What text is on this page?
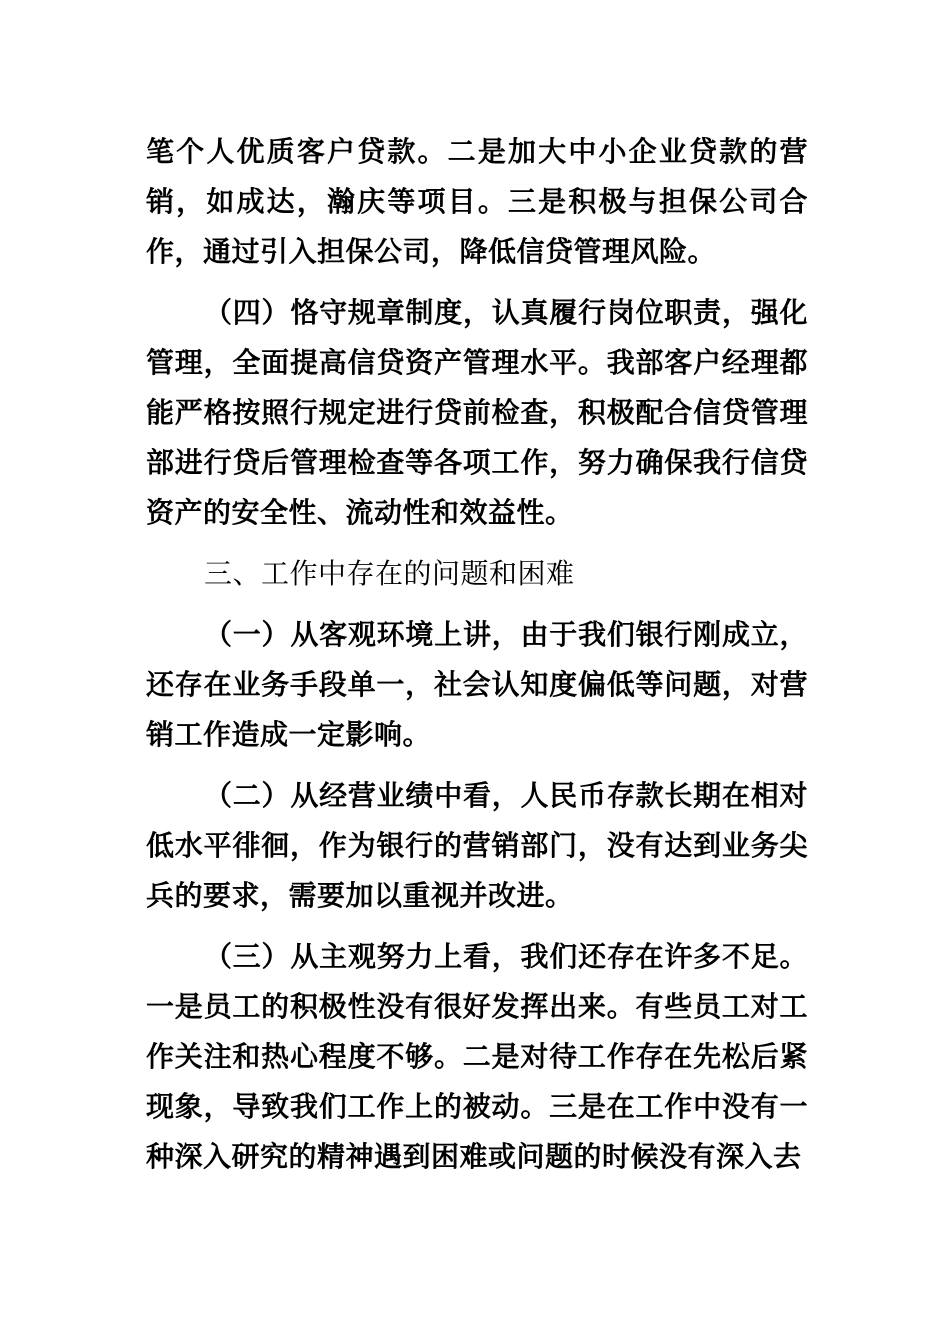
笔个人优质客户贷款。二是加大中小企业贷款的营销，如成达，瀚庆等项目。三是积极与担保公司合作，通过引入担保公司，降低信贷管理风险。

（四）恪守规章制度，认真履行岗位职责，强化管理，全面提高信贷资产管理水平。我部客户经理都能严格按照行规定进行贷前检查，积极配合信贷管理部进行贷后管理检查等各项工作，努力确保我行信贷资产的安全性、流动性和效益性。

三、工作中存在的问题和困难

（一）从客观环境上讲，由于我们银行刚成立，还存在业务手段单一，社会认知度偏低等问题，对营销工作造成一定影响。

（二）从经营业绩中看，人民币存款长期在相对低水平徘徊，作为银行的营销部门，没有达到业务尖兵的要求，需要加以重视并改进。

（三）从主观努力上看，我们还存在许多不足。一是员工的积极性没有很好发挥出来。有些员工对工作关注和热心程度不够。二是对待工作存在先松后紧现象，导致我们工作上的被动。三是在工作中没有一种深入研究的精神遇到困难或问题的时候没有深入去
